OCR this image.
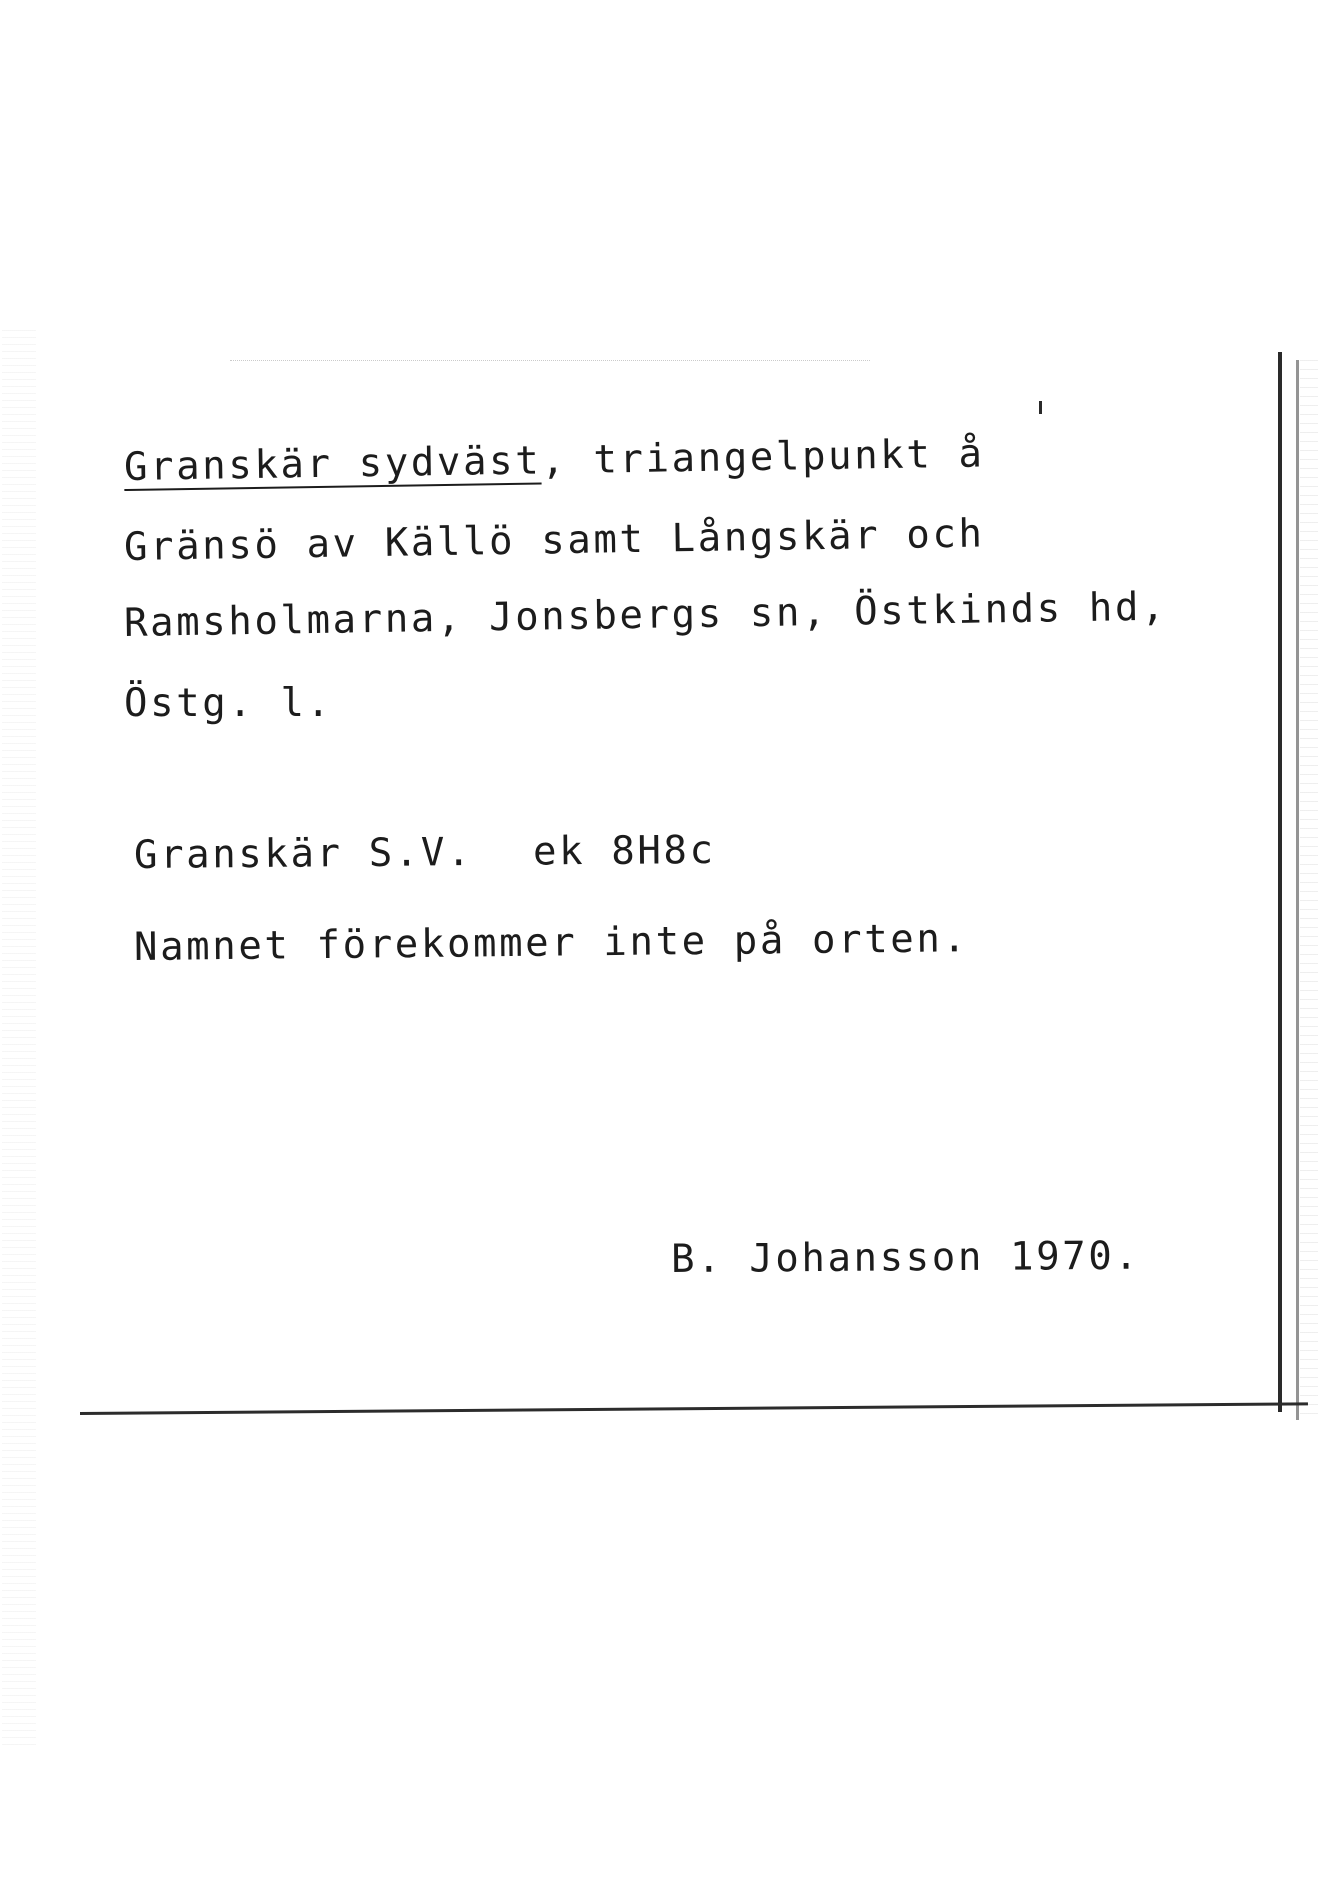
Granskär sydväst, triangelpunkt å
Gränsö av Källö samt Långskär och
Ramsholmarna, Jonsbergs sn, Östkinds hd,
Östg. l.
Granskär S.V. ek 8H8c
Namnet förekommer inte på orten.
B. Johansson 1970.
